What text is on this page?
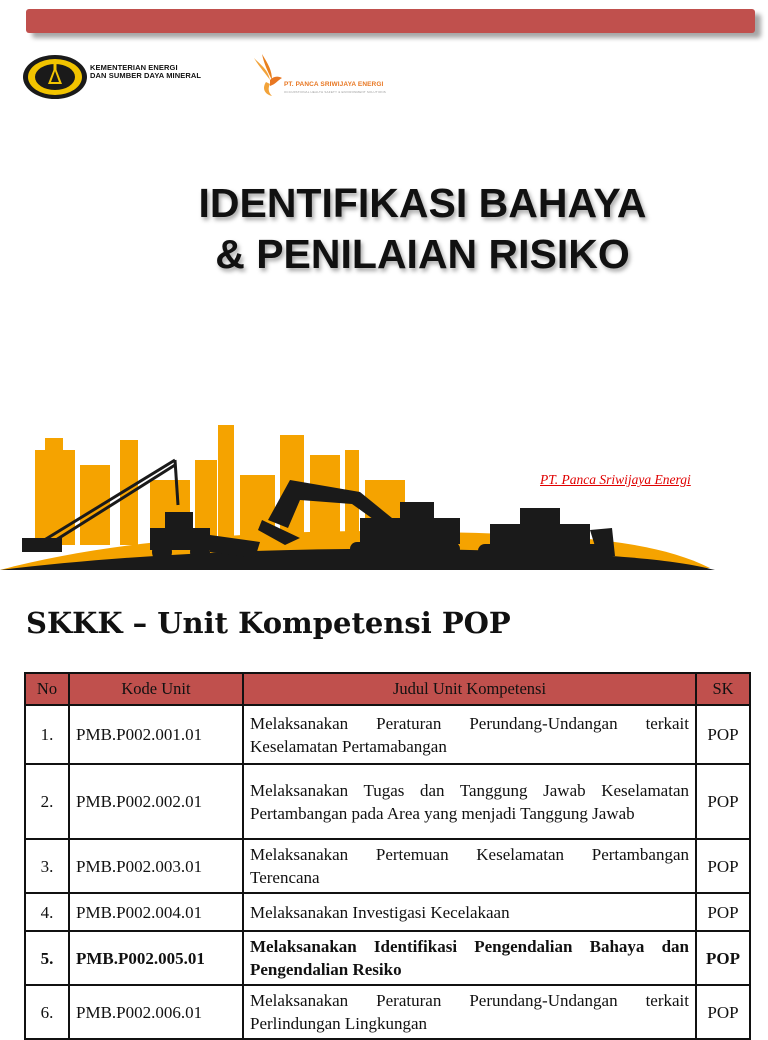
KEMENTERIAN ENERGI
DAN SUMBER DAYA MINERAL
PT. PANCA SRIWIJAYA ENERGI
OCCUPATIONAL HEALTH SAFETY & ENVIRONMENT SOLUTIONS
IDENTIFIKASI BAHAYA
& PENILAIAN RISIKO
PT. Panca Sriwijaya Energi
SKKK – Unit Kompetensi POP
No	Kode Unit	Judul Unit Kompetensi	SK
1.	PMB.P002.001.01	Melaksanakan Peraturan Perundang-Undangan terkait Keselamatan Pertamabangan	POP
2.	PMB.P002.002.01	Melaksanakan Tugas dan Tanggung Jawab Keselamatan Pertambangan pada Area yang menjadi Tanggung Jawab	POP
3.	PMB.P002.003.01	Melaksanakan Pertemuan Keselamatan Pertambangan Terencana	POP
4.	PMB.P002.004.01	Melaksanakan Investigasi Kecelakaan	POP
5.	PMB.P002.005.01	Melaksanakan Identifikasi Pengendalian Bahaya dan Pengendalian Resiko	POP
6.	PMB.P002.006.01	Melaksanakan Peraturan Perundang-Undangan terkait Perlindungan Lingkungan	POP
